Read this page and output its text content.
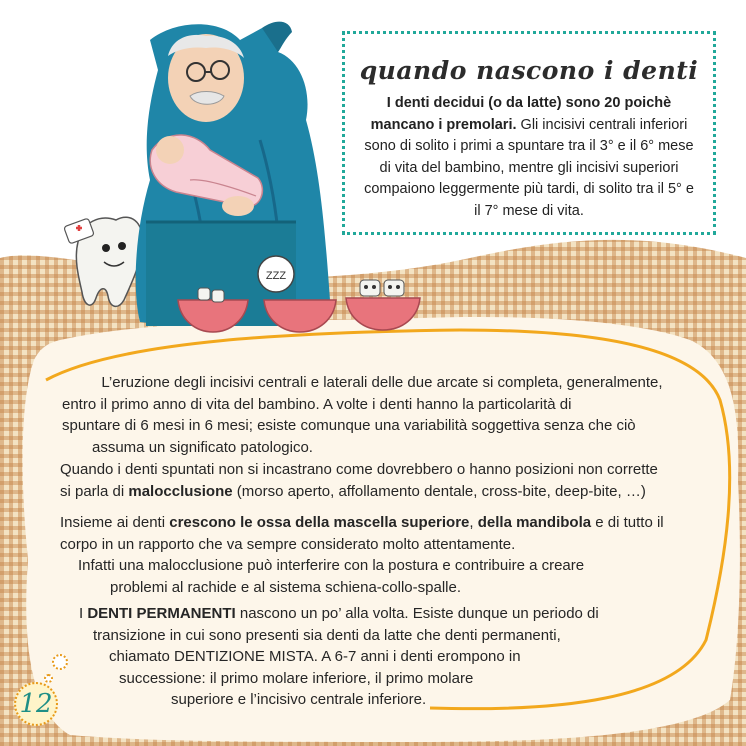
ZZZ
quando nascono i denti

I denti decidui (o da latte) sono 20 poichè mancano i premolari. Gli incisivi centrali inferiori sono di solito i primi a spuntare tra il 3° e il 6° mese di vita del bambino, mentre gli incisivi superiori compaiono leggermente più tardi, di solito tra il 5° e il 7° mese di vita.

L’eruzione degli incisivi centrali e laterali delle due arcate si completa, generalmente,
entro il primo anno di vita del bambino. A volte i denti hanno la particolarità di
spuntare di 6 mesi in 6 mesi; esiste comunque una variabilità soggettiva senza che ciò
assuma un significato patologico.
Quando i denti spuntati non si incastrano come dovrebbero o hanno posizioni non corrette
si parla di malocclusione (morso aperto, affollamento dentale, cross-bite, deep-bite, …)
Insieme ai denti crescono le ossa della mascella superiore, della mandibola e di tutto il
corpo in un rapporto che va sempre considerato molto attentamente.
Infatti una malocclusione può interferire con la postura e contribuire a creare
problemi al rachide e al sistema schiena-collo-spalle.
I DENTI PERMANENTI nascono un po’ alla volta. Esiste dunque un periodo di
transizione in cui sono presenti sia denti da latte che denti permanenti,
chiamato DENTIZIONE MISTA. A 6-7 anni i denti erompono in
successione: il primo molare inferiore, il primo molare
superiore e l’incisivo centrale inferiore.
12
